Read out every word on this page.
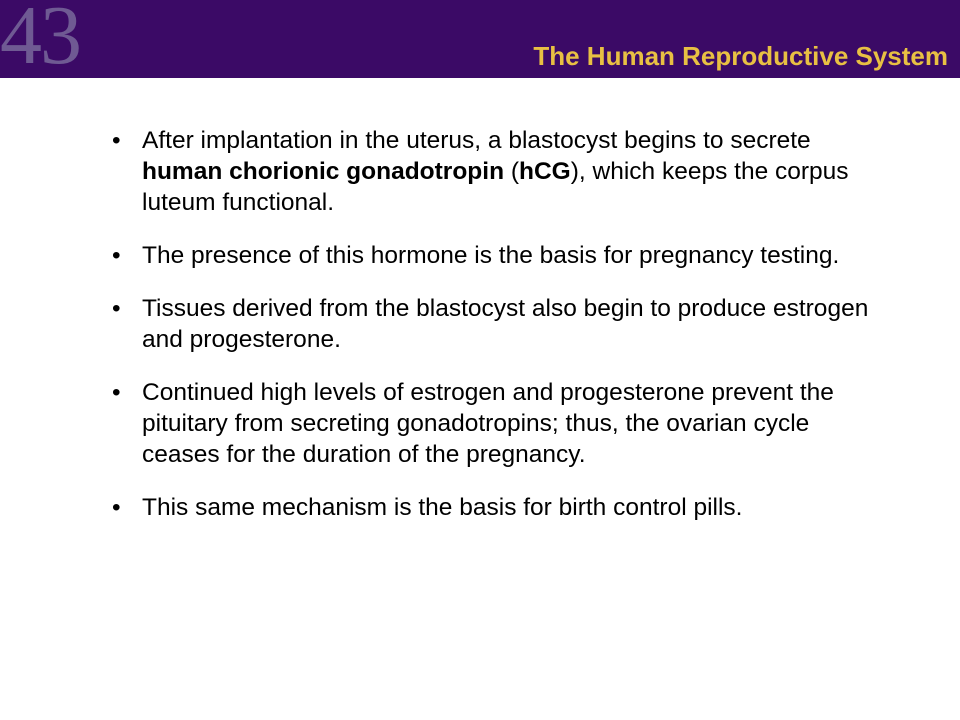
43	The Human Reproductive System
• After implantation in the uterus, a blastocyst begins to secrete human chorionic gonadotropin (hCG), which keeps the corpus luteum functional.
• The presence of this hormone is the basis for pregnancy testing.
• Tissues derived from the blastocyst also begin to produce estrogen and progesterone.
• Continued high levels of estrogen and progesterone prevent the pituitary from secreting gonadotropins; thus, the ovarian cycle ceases for the duration of the pregnancy.
• This same mechanism is the basis for birth control pills.
